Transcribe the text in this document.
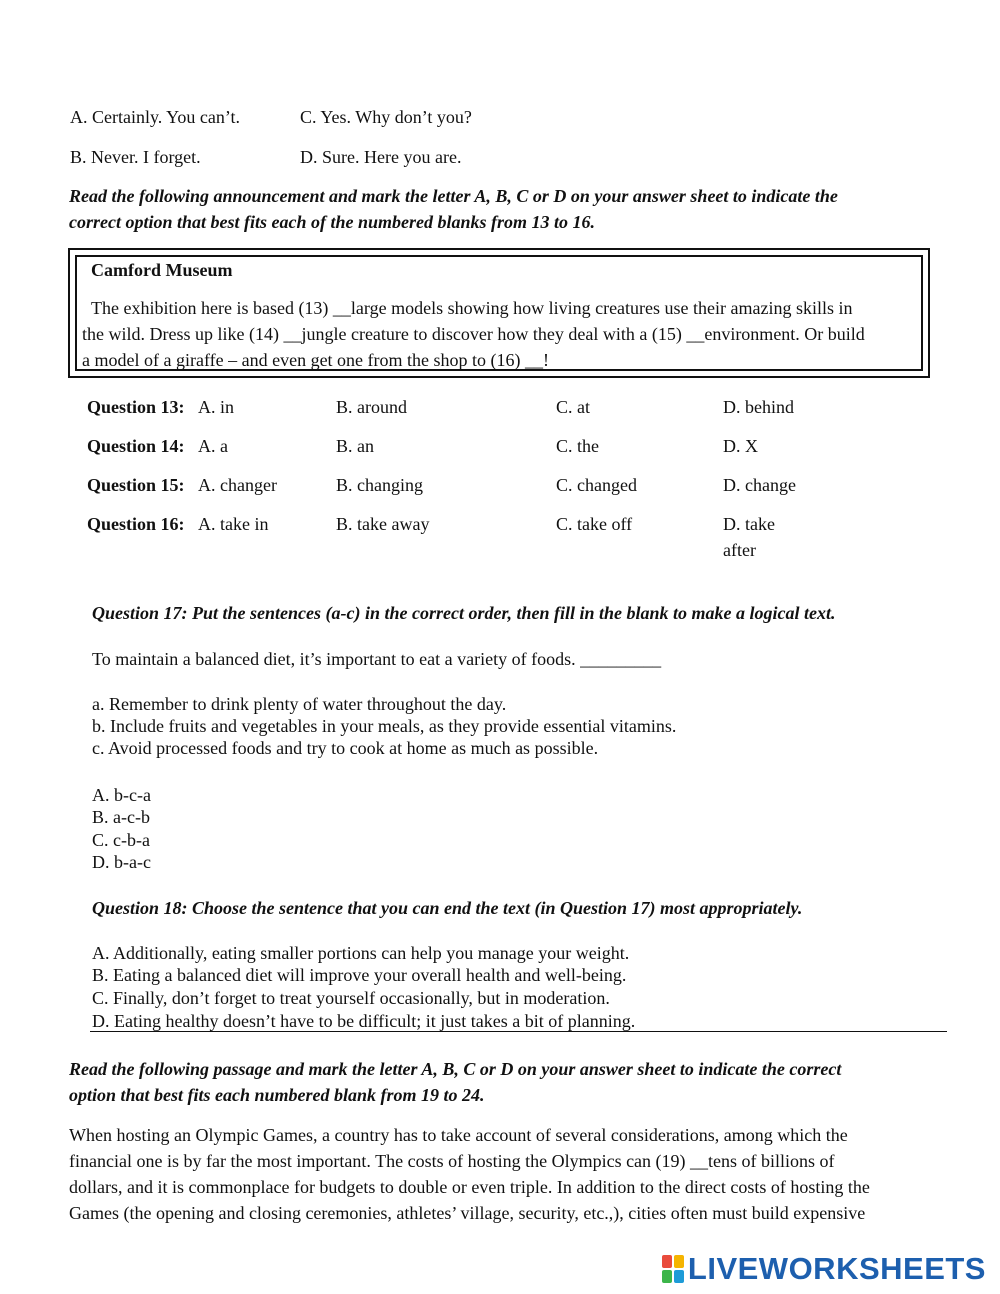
A. Certainly. You can’t.	C. Yes. Why don’t you?
B. Never. I forget.	D. Sure. Here you are.
Read the following announcement and mark the letter A, B, C or D on your answer sheet to indicate the
correct option that best fits each of the numbered blanks from 13 to 16.
Camford Museum
The exhibition here is based (13) __large models showing how living creatures use their amazing skills in
the wild. Dress up like (14) __jungle creature to discover how they deal with a (15) __environment. Or build
a model of a giraffe – and even get one from the shop to (16) __!
Question 13: A. in	B. around	C. at	D. behind
Question 14: A. a	B. an	C. the	D. X
Question 15: A. changer	B. changing	C. changed	D. change
Question 16: A. take in	B. take away	C. take off	D. take
after
Question 17: Put the sentences (a-c) in the correct order, then fill in the blank to make a logical text.
To maintain a balanced diet, it’s important to eat a variety of foods. _________
a. Remember to drink plenty of water throughout the day.
b. Include fruits and vegetables in your meals, as they provide essential vitamins.
c. Avoid processed foods and try to cook at home as much as possible.
A. b-c-a
B. a-c-b
C. c-b-a
D. b-a-c
Question 18: Choose the sentence that you can end the text (in Question 17) most appropriately.
A. Additionally, eating smaller portions can help you manage your weight.
B. Eating a balanced diet will improve your overall health and well-being.
C. Finally, don’t forget to treat yourself occasionally, but in moderation.
D. Eating healthy doesn’t have to be difficult; it just takes a bit of planning.
Read the following passage and mark the letter A, B, C or D on your answer sheet to indicate the correct
option that best fits each numbered blank from 19 to 24.
When hosting an Olympic Games, a country has to take account of several considerations, among which the
financial one is by far the most important. The costs of hosting the Olympics can (19) __tens of billions of
dollars, and it is commonplace for budgets to double or even triple. In addition to the direct costs of hosting the
Games (the opening and closing ceremonies, athletes’ village, security, etc.,), cities often must build expensive
LIVEWORKSHEETS
